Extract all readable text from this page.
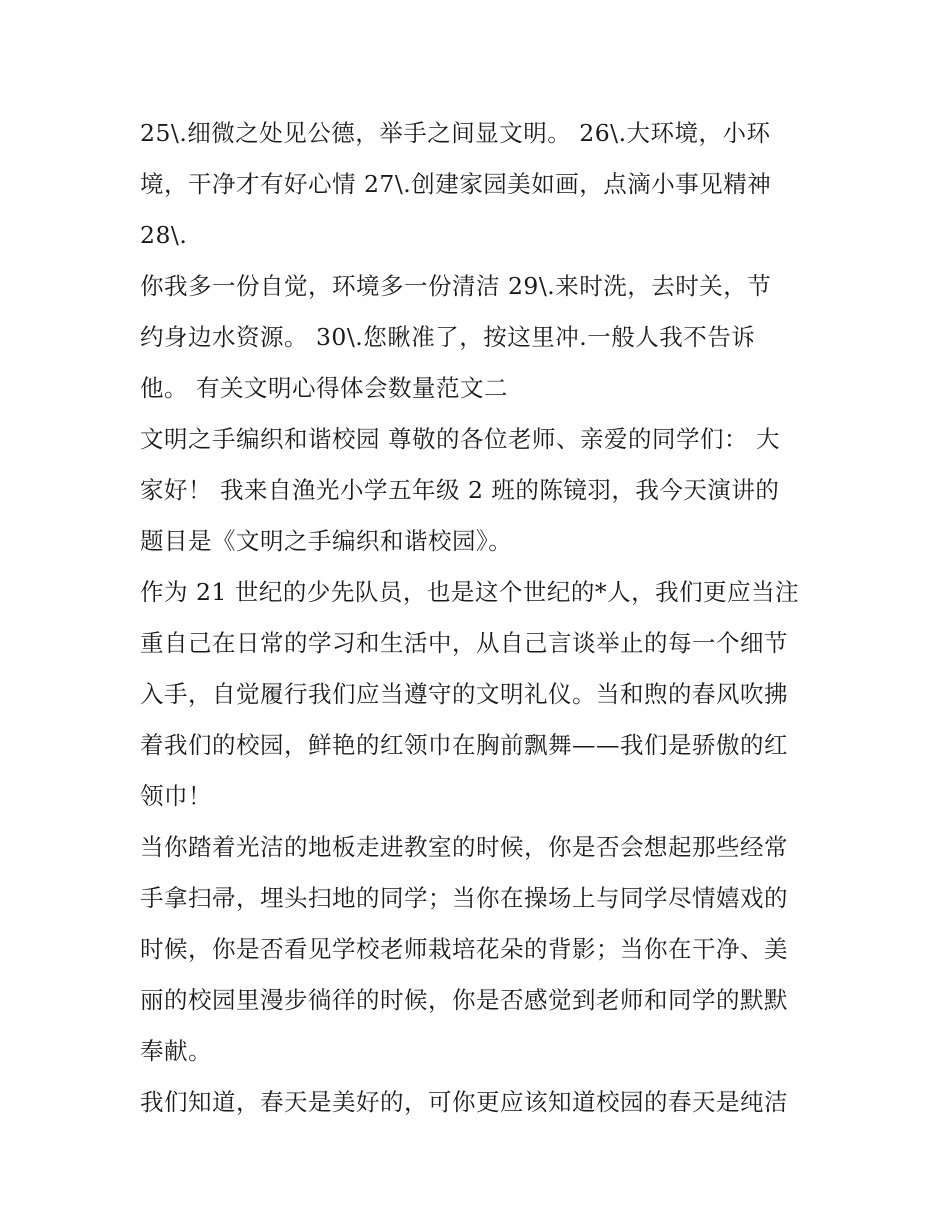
25\.细微之处见公德，举手之间显文明。 26\.大环境，小环
境，干净才有好心情 27\.创建家园美如画，点滴小事见精神
28\.
你我多一份自觉，环境多一份清洁 29\.来时洗，去时关，节
约身边水资源。 30\.您瞅准了，按这里冲.一般人我不告诉
他。 有关文明心得体会数量范文二
文明之手编织和谐校园 尊敬的各位老师、亲爱的同学们： 大
家好！ 我来自渔光小学五年级 2 班的陈镜羽，我今天演讲的
题目是《文明之手编织和谐校园》。
作为 21 世纪的少先队员，也是这个世纪的*人，我们更应当注
重自己在日常的学习和生活中，从自己言谈举止的每一个细节
入手，自觉履行我们应当遵守的文明礼仪。当和煦的春风吹拂
着我们的校园，鲜艳的红领巾在胸前飘舞——我们是骄傲的红
领巾！
当你踏着光洁的地板走进教室的时候，你是否会想起那些经常
手拿扫帚，埋头扫地的同学；当你在操场上与同学尽情嬉戏的
时候，你是否看见学校老师栽培花朵的背影；当你在干净、美
丽的校园里漫步徜徉的时候，你是否感觉到老师和同学的默默
奉献。
我们知道，春天是美好的，可你更应该知道校园的春天是纯洁
